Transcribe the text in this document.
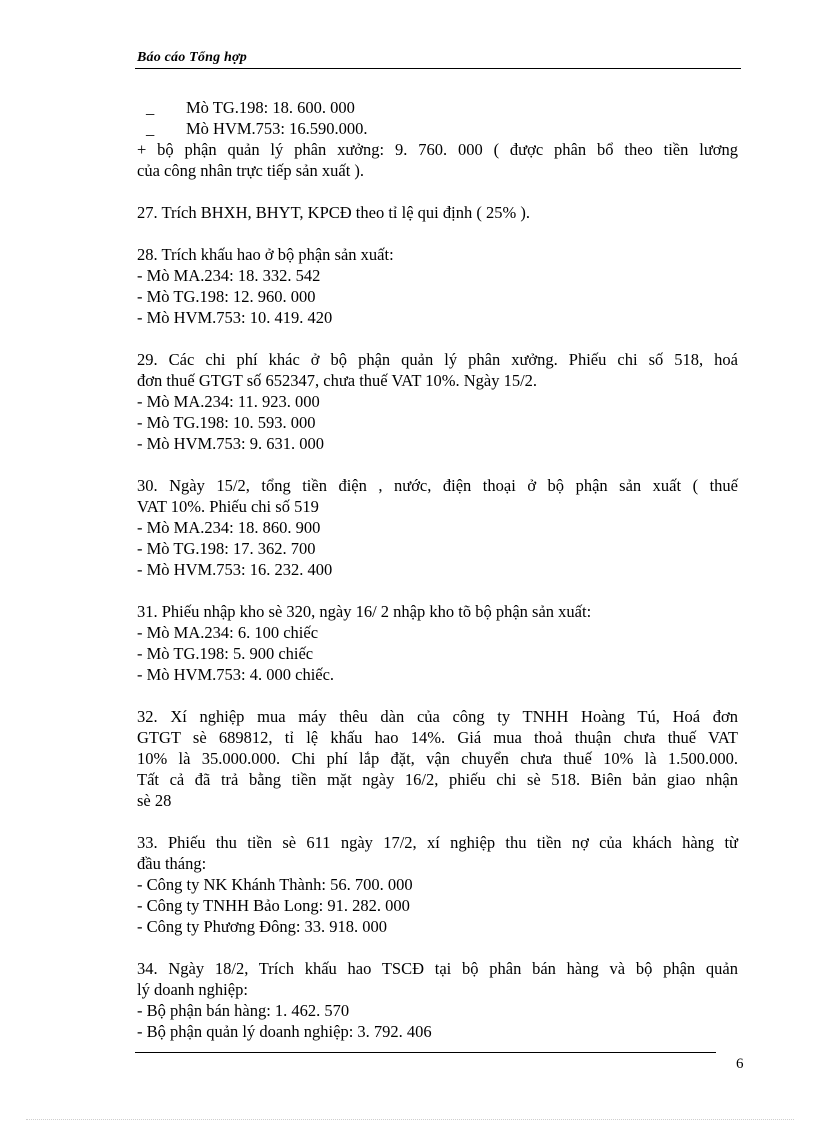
Báo cáo Tổng hợp
_ Mò TG.198: 18. 600. 000
_ Mò HVM.753: 16.590.000.
+ bộ phận quản lý phân xưởng: 9. 760. 000 ( được phân bổ theo tiền lương
của công nhân trực tiếp sản xuất ).
27. Trích BHXH, BHYT, KPCĐ theo tỉ lệ qui định ( 25% ).
28. Trích khấu hao ở bộ phận sản xuất:
- Mò MA.234: 18. 332. 542
- Mò TG.198: 12. 960. 000
- Mò HVM.753: 10. 419. 420
29. Các chi phí khác ở bộ phận quản lý phân xưởng. Phiếu chi số 518, hoá
đơn thuế GTGT số 652347, chưa thuế VAT 10%. Ngày 15/2.
- Mò MA.234: 11. 923. 000
- Mò TG.198: 10. 593. 000
- Mò HVM.753: 9. 631. 000
30. Ngày 15/2, tổng tiền điện , nước, điện thoại ở bộ phận sản xuất ( thuế
VAT 10%. Phiếu chi số 519
- Mò MA.234: 18. 860. 900
- Mò TG.198: 17. 362. 700
- Mò HVM.753: 16. 232. 400
31. Phiếu nhập kho sè 320, ngày 16/ 2 nhập kho tõ bộ phận sản xuất:
- Mò MA.234: 6. 100 chiếc
- Mò TG.198: 5. 900 chiếc
- Mò HVM.753: 4. 000 chiếc.
32. Xí nghiệp mua máy thêu dàn của công ty TNHH Hoàng Tú, Hoá đơn
GTGT sè 689812, tỉ lệ khấu hao 14%. Giá mua thoả thuận chưa thuế VAT
10% là 35.000.000. Chi phí lắp đặt, vận chuyển chưa thuế 10% là 1.500.000.
Tất cả đã trả bằng tiền mặt ngày 16/2, phiếu chi sè 518. Biên bản giao nhận
sè 28
33. Phiếu thu tiền sè 611 ngày 17/2, xí nghiệp thu tiền nợ của khách hàng từ
đầu tháng:
- Công ty NK Khánh Thành: 56. 700. 000
- Công ty TNHH Bảo Long: 91. 282. 000
- Công ty Phương Đông: 33. 918. 000
34. Ngày 18/2, Trích khấu hao TSCĐ tại bộ phân bán hàng và bộ phận quản
lý doanh nghiệp:
- Bộ phận bán hàng: 1. 462. 570
- Bộ phận quản lý doanh nghiệp: 3. 792. 406
6
